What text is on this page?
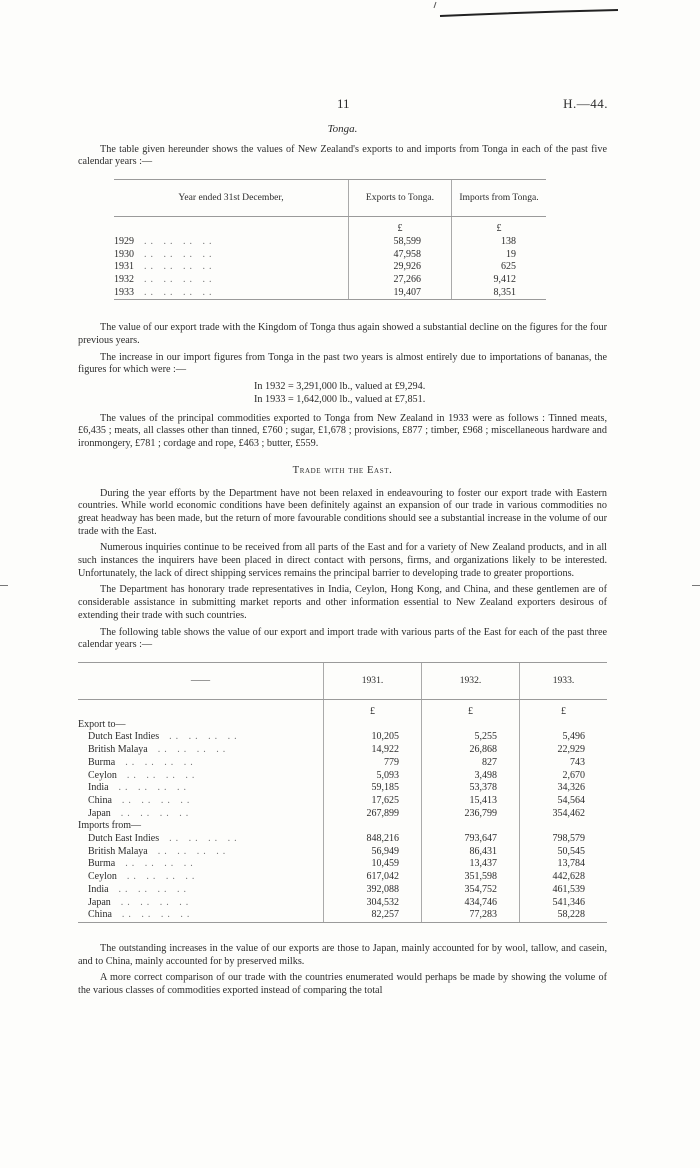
11	H.—44.
Tonga.

The table given hereunder shows the values of New Zealand's exports to and imports from Tonga in each of the past five calendar years :—

Year ended 31st December,	Exports to Tonga.	Imports from Tonga.
	£	£
1929 .. .. .. ..	58,599	138
1930 .. .. .. ..	47,958	19
1931 .. .. .. ..	29,926	625
1932 .. .. .. ..	27,266	9,412
1933 .. .. .. ..	19,407	8,351

The value of our export trade with the Kingdom of Tonga thus again showed a substantial decline on the figures for the four previous years.

The increase in our import figures from Tonga in the past two years is almost entirely due to importations of bananas, the figures for which were :—

In 1932 = 3,291,000 lb., valued at £9,294.
In 1933 = 1,642,000 lb., valued at £7,851.

The values of the principal commodities exported to Tonga from New Zealand in 1933 were as follows : Tinned meats, £6,435 ; meats, all classes other than tinned, £760 ; sugar, £1,678 ; provisions, £877 ; timber, £968 ; miscellaneous hardware and ironmongery, £781 ; cordage and rope, £463 ; butter, £559.

Trade with the East.

During the year efforts by the Department have not been relaxed in endeavouring to foster our export trade with Eastern countries. While world economic conditions have been definitely against an expansion of our trade in various commodities no great headway has been made, but the return of more favourable conditions should see a substantial increase in the volume of our trade with the East.

Numerous inquiries continue to be received from all parts of the East and for a variety of New Zealand products, and in all such instances the inquirers have been placed in direct contact with persons, firms, and organizations likely to be interested. Unfortunately, the lack of direct shipping services remains the principal barrier to developing trade to greater proportions.

The Department has honorary trade representatives in India, Ceylon, Hong Kong, and China, and these gentlemen are of considerable assistance in submitting market reports and other information essential to New Zealand exporters desirous of extending their trade with such countries.

The following table shows the value of our export and import trade with various parts of the East for each of the past three calendar years :—

——	1931.	1932.	1933.
	£	£	£
Export to—			
Dutch East Indies .. .. .. ..	10,205	5,255	5,496
British Malaya .. .. .. ..	14,922	26,868	22,929
Burma .. .. .. ..	779	827	743
Ceylon .. .. .. ..	5,093	3,498	2,670
India .. .. .. ..	59,185	53,378	34,326
China .. .. .. ..	17,625	15,413	54,564
Japan .. .. .. ..	267,899	236,799	354,462
Imports from—			
Dutch East Indies .. .. .. ..	848,216	793,647	798,579
British Malaya .. .. .. ..	56,949	86,431	50,545
Burma .. .. .. ..	10,459	13,437	13,784
Ceylon .. .. .. ..	617,042	351,598	442,628
India .. .. .. ..	392,088	354,752	461,539
Japan .. .. .. ..	304,532	434,746	541,346
China .. .. .. ..	82,257	77,283	58,228

The outstanding increases in the value of our exports are those to Japan, mainly accounted for by wool, tallow, and casein, and to China, mainly accounted for by preserved milks.

A more correct comparison of our trade with the countries enumerated would perhaps be made by showing the volume of the various classes of commodities exported instead of comparing the total
